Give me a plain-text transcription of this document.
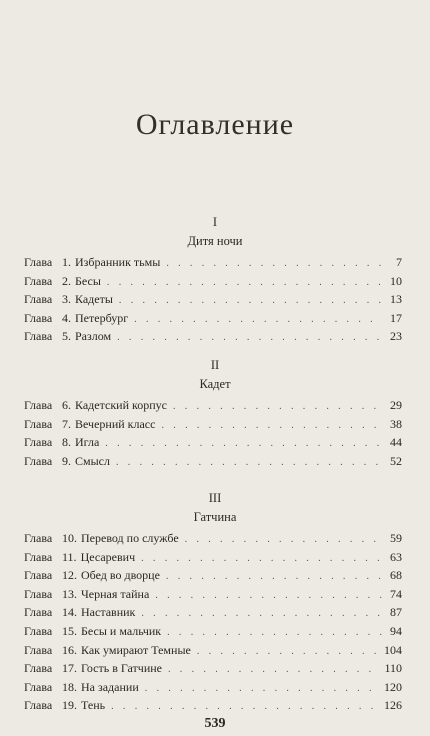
Оглавление
I
Дитя ночи
Глава 1. Избранник тьмы . . .	7
Глава 2. Бесы . . .	10
Глава 3. Кадеты . . .	13
Глава 4. Петербург . . .	17
Глава 5. Разлом . . .	23
II
Кадет
Глава 6. Кадетский корпус . . .	29
Глава 7. Вечерний класс . . .	38
Глава 8. Игла . . .	44
Глава 9. Смысл . . .	52
III
Гатчина
Глава 10. Перевод по службе . . .	59
Глава 11. Цесаревич . . .	63
Глава 12. Обед во дворце . . .	68
Глава 13. Черная тайна . . .	74
Глава 14. Наставник . . .	87
Глава 15. Бесы и мальчик . . .	94
Глава 16. Как умирают Темные . . .	104
Глава 17. Гость в Гатчине . . .	110
Глава 18. На задании . . .	120
Глава 19. Тень . . .	126
539
